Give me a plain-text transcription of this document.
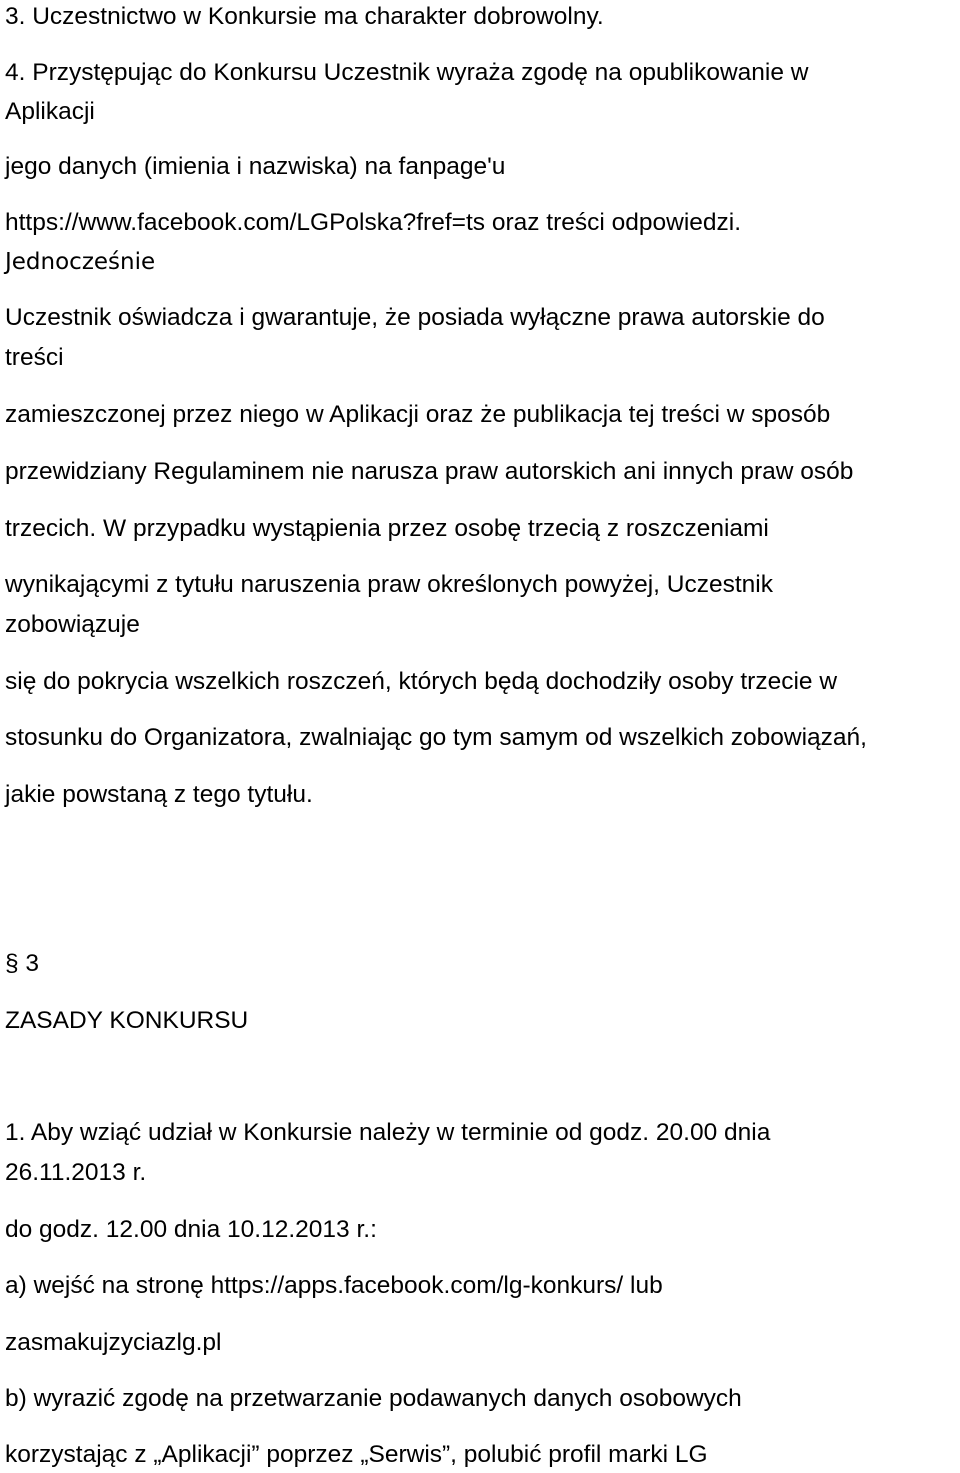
3. Uczestnictwo w Konkursie ma charakter dobrowolny.

4. Przystępując do Konkursu Uczestnik wyraża zgodę na opublikowanie w

Aplikacji

jego danych (imienia i nazwiska) na fanpage'u

https://www.facebook.com/LGPolska?fref=ts oraz treści odpowiedzi.

Jednocześnie

Uczestnik oświadcza i gwarantuje, że posiada wyłączne prawa autorskie do

treści

zamieszczonej przez niego w Aplikacji oraz że publikacja tej treści w sposób

przewidziany Regulaminem nie narusza praw autorskich ani innych praw osób

trzecich. W przypadku wystąpienia przez osobę trzecią z roszczeniami

wynikającymi z tytułu naruszenia praw określonych powyżej, Uczestnik

zobowiązuje

się do pokrycia wszelkich roszczeń, których będą dochodziły osoby trzecie w

stosunku do Organizatora, zwalniając go tym samym od wszelkich zobowiązań,

jakie powstaną z tego tytułu.

§ 3

ZASADY KONKURSU

1. Aby wziąć udział w Konkursie należy w terminie od godz. 20.00 dnia

26.11.2013 r.

do godz. 12.00 dnia 10.12.2013 r.:

a) wejść na stronę https://apps.facebook.com/lg-konkurs/ lub

zasmakujzyciazlg.pl

b) wyrazić zgodę na przetwarzanie podawanych danych osobowych

korzystając z „Aplikacji” poprzez „Serwis”, polubić profil marki LG
